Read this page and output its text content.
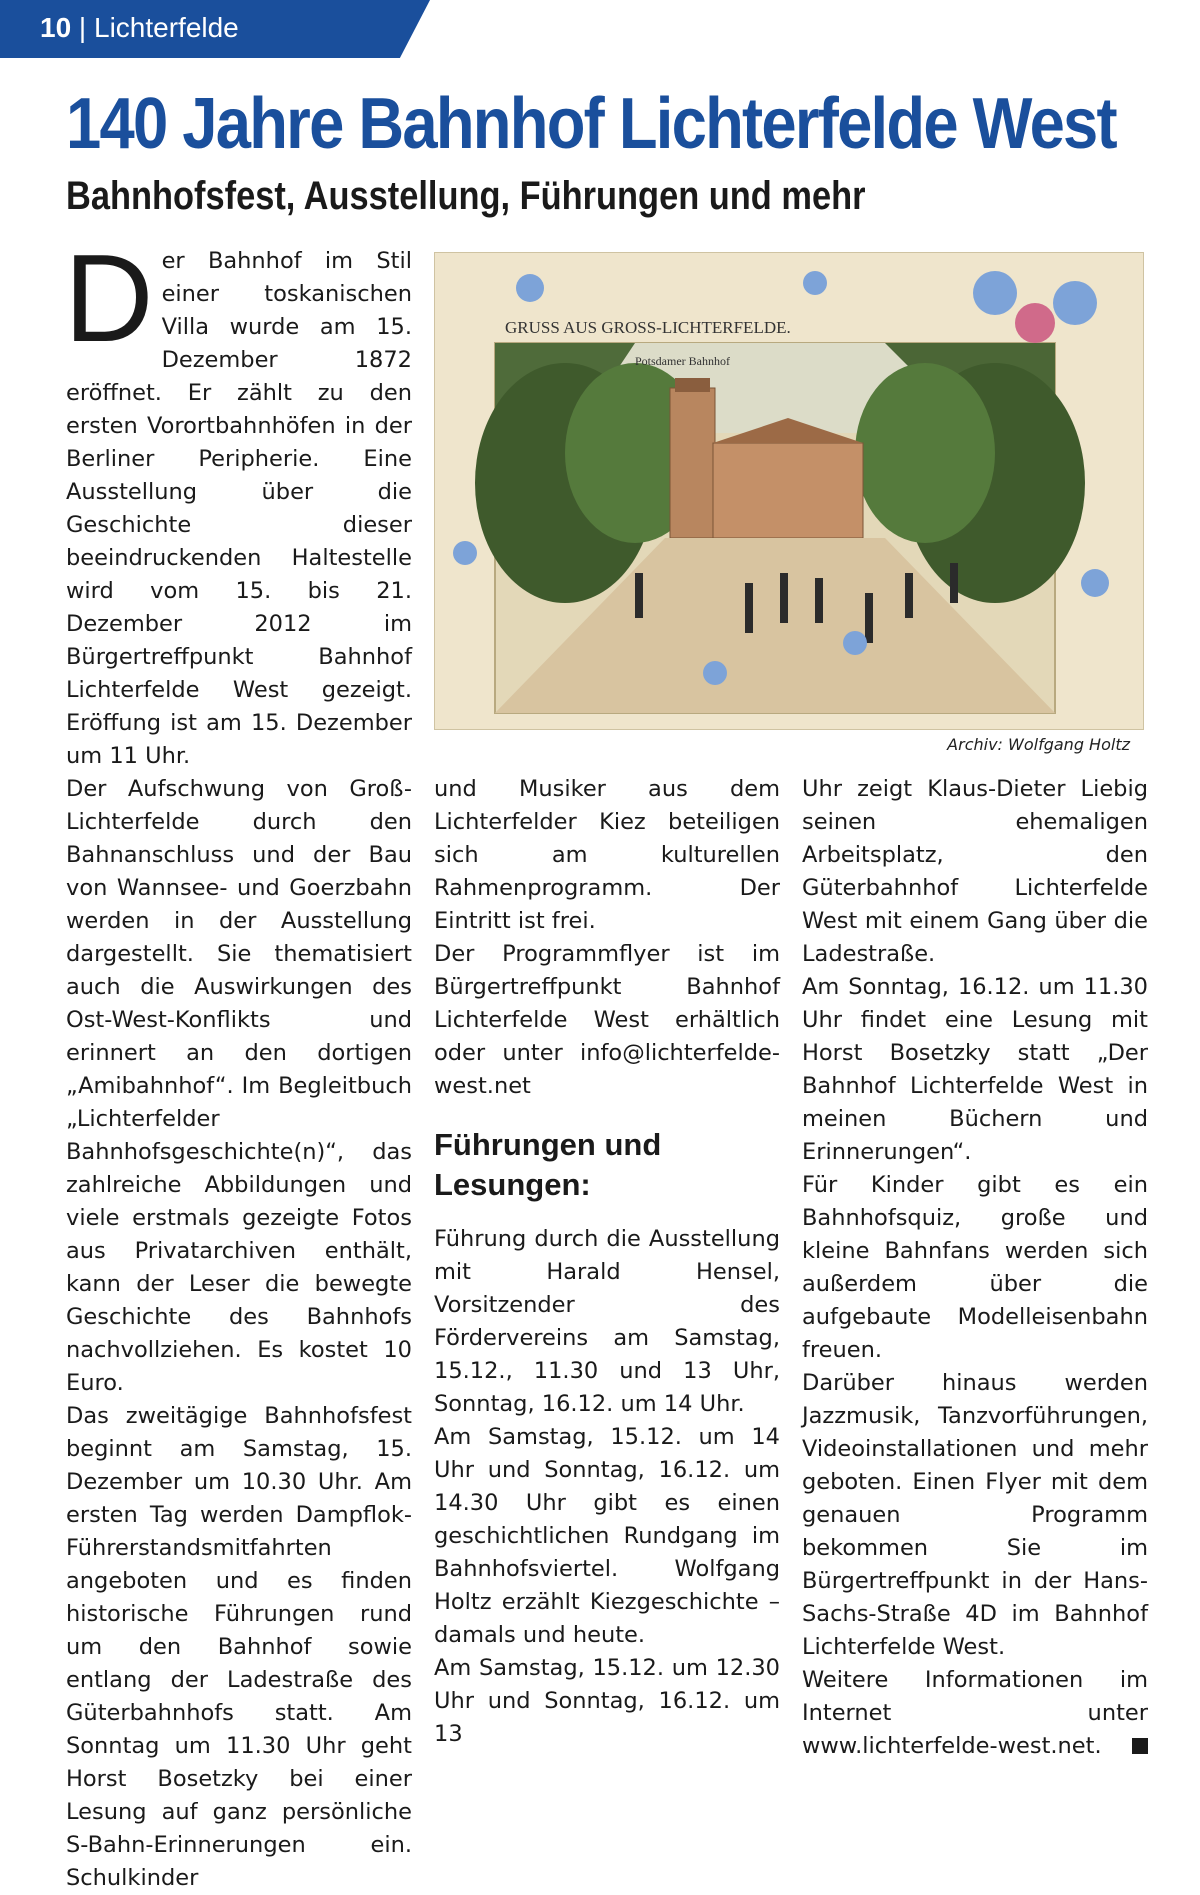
10 | Lichterfelde
140 Jahre Bahnhof Lichterfelde West
Bahnhofsfest, Ausstellung, Führungen und mehr

Der Bahnhof im Stil einer toskanischen Villa wurde am 15. Dezember 1872 eröffnet. Er zählt zu den ersten Vorortbahnhöfen in der Berliner Peripherie. Eine Ausstellung über die Geschichte dieser beeindruckenden Haltestelle wird vom 15. bis 21. Dezember 2012 im Bürgertreffpunkt Bahnhof Lichterfelde West gezeigt. Eröffung ist am 15. Dezember um 11 Uhr.

Der Aufschwung von Groß-Lichterfelde durch den Bahnanschluss und der Bau von Wannsee- und Goerzbahn werden in der Ausstellung dargestellt. Sie thematisiert auch die Auswirkungen des Ost-West-Konflikts und erinnert an den dortigen „Amibahnhof“. Im Begleitbuch „Lichterfelder Bahnhofsgeschichte(n)“, das zahlreiche Abbildungen und viele erstmals gezeigte Fotos aus Privatarchiven enthält, kann der Leser die bewegte Geschichte des Bahnhofs nachvollziehen. Es kostet 10 Euro.

Das zweitägige Bahnhofsfest beginnt am Samstag, 15. Dezember um 10.30 Uhr. Am ersten Tag werden Dampflok-Führerstandsmitfahrten angeboten und es finden historische Führungen rund um den Bahnhof sowie entlang der Ladestraße des Güterbahnhofs statt. Am Sonntag um 11.30 Uhr geht Horst Bosetzky bei einer Lesung auf ganz persönliche S-Bahn-Erinnerungen ein. Schulkinder

GRUSS AUS GROSS-LICHTERFELDE.
Potsdamer Bahnhof
Archiv: Wolfgang Holtz

und Musiker aus dem Lichterfelder Kiez beteiligen sich am kulturellen Rahmenprogramm. Der Eintritt ist frei.

Der Programmflyer ist im Bürgertreffpunkt Bahnhof Lichterfelde West erhältlich oder unter info@lichterfelde-west.net

Führungen und Lesungen:

Führung durch die Ausstellung mit Harald Hensel, Vorsitzender des Fördervereins am Samstag, 15.12., 11.30 und 13 Uhr, Sonntag, 16.12. um 14 Uhr.

Am Samstag, 15.12. um 14 Uhr und Sonntag, 16.12. um 14.30 Uhr gibt es einen geschichtlichen Rundgang im Bahnhofsviertel. Wolfgang Holtz erzählt Kiezgeschichte – damals und heute.

Am Samstag, 15.12. um 12.30 Uhr und Sonntag, 16.12. um 13

Uhr zeigt Klaus-Dieter Liebig seinen ehemaligen Arbeitsplatz, den Güterbahnhof Lichterfelde West mit einem Gang über die Ladestraße.

Am Sonntag, 16.12. um 11.30 Uhr findet eine Lesung mit Horst Bosetzky statt „Der Bahnhof Lichterfelde West in meinen Büchern und Erinnerungen“.

Für Kinder gibt es ein Bahnhofsquiz, große und kleine Bahnfans werden sich außerdem über die aufgebaute Modelleisenbahn freuen.

Darüber hinaus werden Jazzmusik, Tanzvorführungen, Videoinstallationen und mehr geboten. Einen Flyer mit dem genauen Programm bekommen Sie im Bürgertreffpunkt in der Hans-Sachs-Straße 4D im Bahnhof Lichterfelde West.

Weitere Informationen im Internet unter www.lichterfelde-west.net.
